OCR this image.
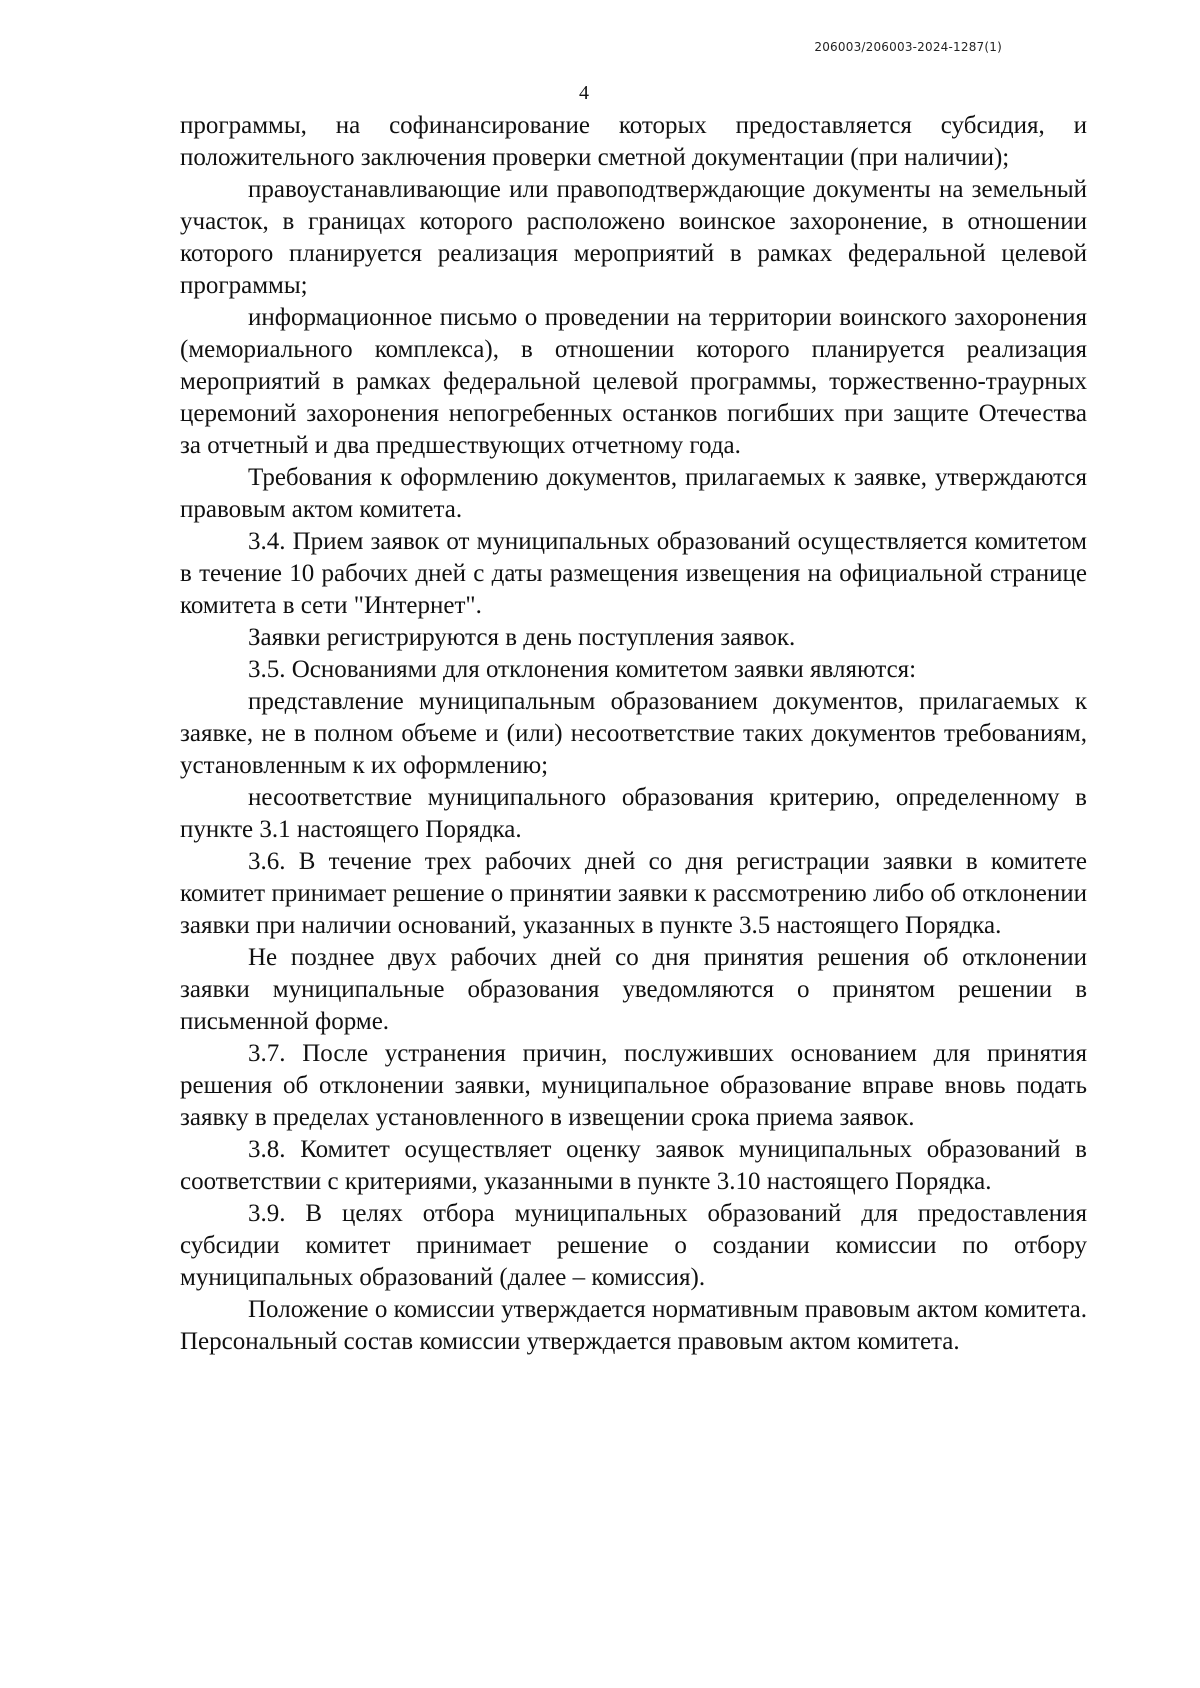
206003/206003-2024-1287(1)
4

программы, на софинансирование которых предоставляется субсидия, и положительного заключения проверки сметной документации (при наличии);

правоустанавливающие или правоподтверждающие документы на земельный участок, в границах которого расположено воинское захоронение, в отношении которого планируется реализация мероприятий в рамках федеральной целевой программы;

информационное письмо о проведении на территории воинского захоронения (мемориального комплекса), в отношении которого планируется реализация мероприятий в рамках федеральной целевой программы, торжественно-траурных церемоний захоронения непогребенных останков погибших при защите Отечества за отчетный и два предшествующих отчетному года.

Требования к оформлению документов, прилагаемых к заявке, утверждаются правовым актом комитета.

3.4. Прием заявок от муниципальных образований осуществляется комитетом в течение 10 рабочих дней с даты размещения извещения на официальной странице комитета в сети "Интернет".

Заявки регистрируются в день поступления заявок.

3.5. Основаниями для отклонения комитетом заявки являются:

представление муниципальным образованием документов, прилагаемых к заявке, не в полном объеме и (или) несоответствие таких документов требованиям, установленным к их оформлению;

несоответствие муниципального образования критерию, определенному в пункте 3.1 настоящего Порядка.

3.6. В течение трех рабочих дней со дня регистрации заявки в комитете комитет принимает решение о принятии заявки к рассмотрению либо об отклонении заявки при наличии оснований, указанных в пункте 3.5 настоящего Порядка.

Не позднее двух рабочих дней со дня принятия решения об отклонении заявки муниципальные образования уведомляются о принятом решении в письменной форме.

3.7. После устранения причин, послуживших основанием для принятия решения об отклонении заявки, муниципальное образование вправе вновь подать заявку в пределах установленного в извещении срока приема заявок.

3.8. Комитет осуществляет оценку заявок муниципальных образований в соответствии с критериями, указанными в пункте 3.10 настоящего Порядка.

3.9. В целях отбора муниципальных образований для предоставления субсидии комитет принимает решение о создании комиссии по отбору муниципальных образований (далее – комиссия).

Положение о комиссии утверждается нормативным правовым актом комитета. Персональный состав комиссии утверждается правовым актом комитета.
